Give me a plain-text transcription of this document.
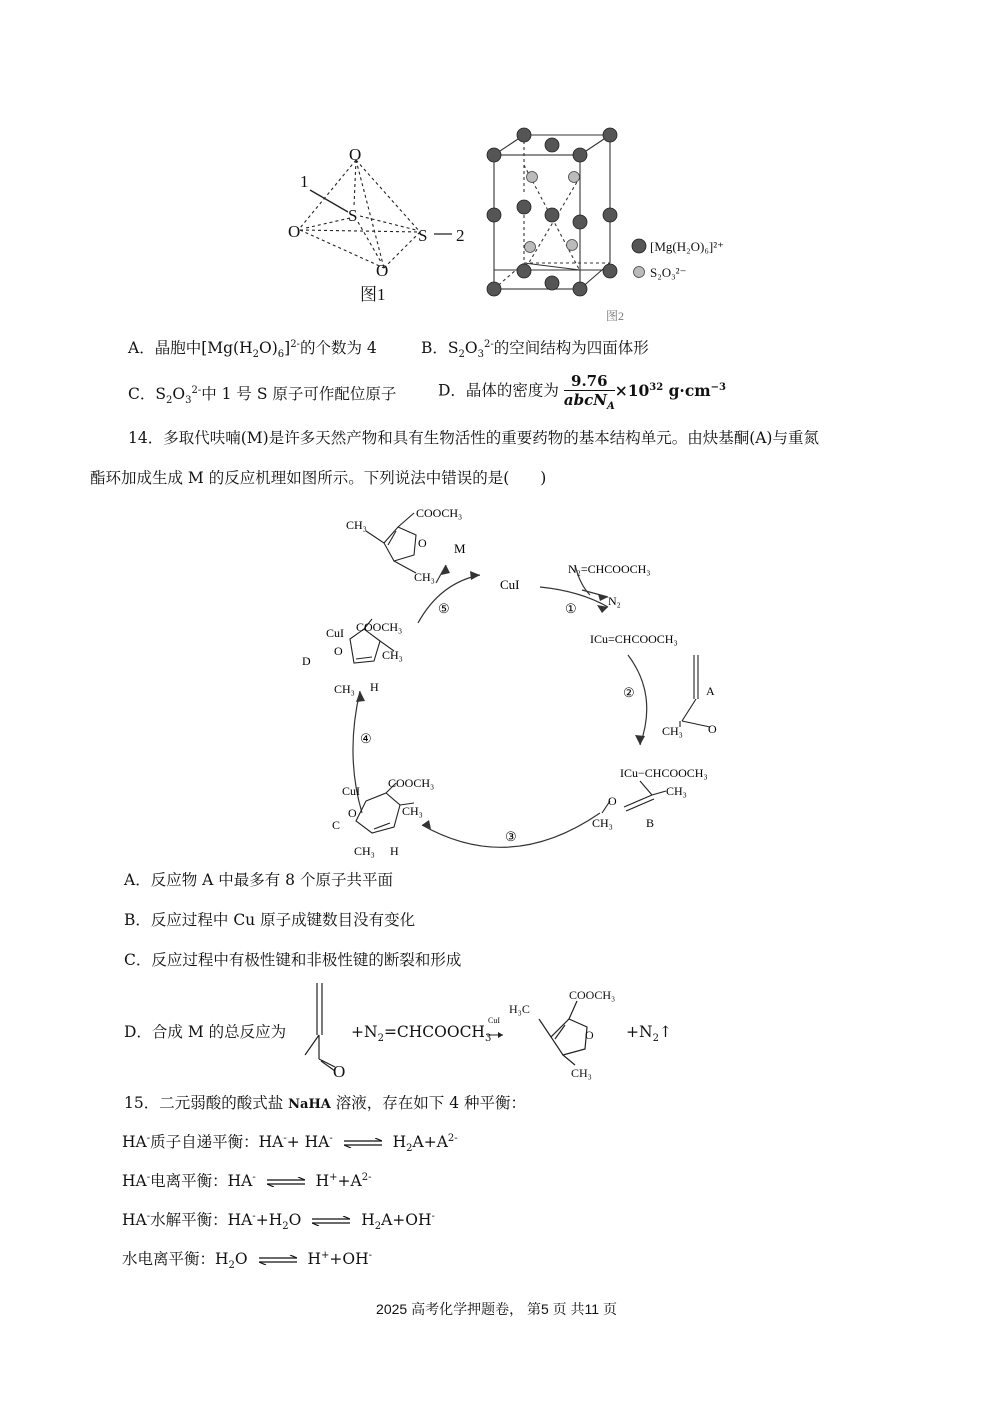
O
O
O
S
S
1
2
图1
[Mg(H₂O)₆]²⁺
S₂O₃²⁻
图2
A．晶胞中$[Mg(H_2O)_6]^{2-}$的个数为 4	B．$S_2O_3^{2-}$的空间结构为四面体形
C．$S_2O_3^{2-}$中 1 号 S 原子可作配位原子	D．晶体的密度为 $\frac{9.76}{abcN_A} \times 10^{32}$ $g\cdot cm^{-3}$
14．多取代呋喃(M)是许多天然产物和具有生物活性的重要药物的基本结构单元。由炔基酮(A)与重氮
酯环加成生成 M 的反应机理如图所示。下列说法中错误的是(　　)
COOCH₃
CH₃
O
CH₃
M
CuI
N₂=CHCOOCH₃
N₂
①
ICu=CHCOOCH₃
②	A
CH₃ O
ICu−CHCOOCH₃
O
CH₃
CH₃	B
③
CuI
COOCH₃
CH₃
O
CH₃ H
C
④
CuI COOCH₃
CH₃
O
CH₃ H
D
⑤
A．反应物 A 中最多有 8 个原子共平面
B．反应过程中 Cu 原子成键数目没有变化
C．反应过程中有极性键和非极性键的断裂和形成
D．合成 M 的总反应为
O
CuI
COOCH₃
H₃C
O
CH₃
$+N_2=CHCOOCH_3$	$+N_2↑$
15．二元弱酸的酸式盐 NaHA 溶液，存在如下 4 种平衡：
HA-质子自递平衡：HA-+ HA- ⇌ $H_2A+A^{2-}$
HA-电离平衡：HA- ⇌ $H^++A^{2-}$
HA-水解平衡：$HA^-+H_2O$ ⇌ $H_2A+OH^-$
水电离平衡：$H_2O$ ⇌ H++OH-
2025 高考化学押题卷， 第5 页 共11 页
